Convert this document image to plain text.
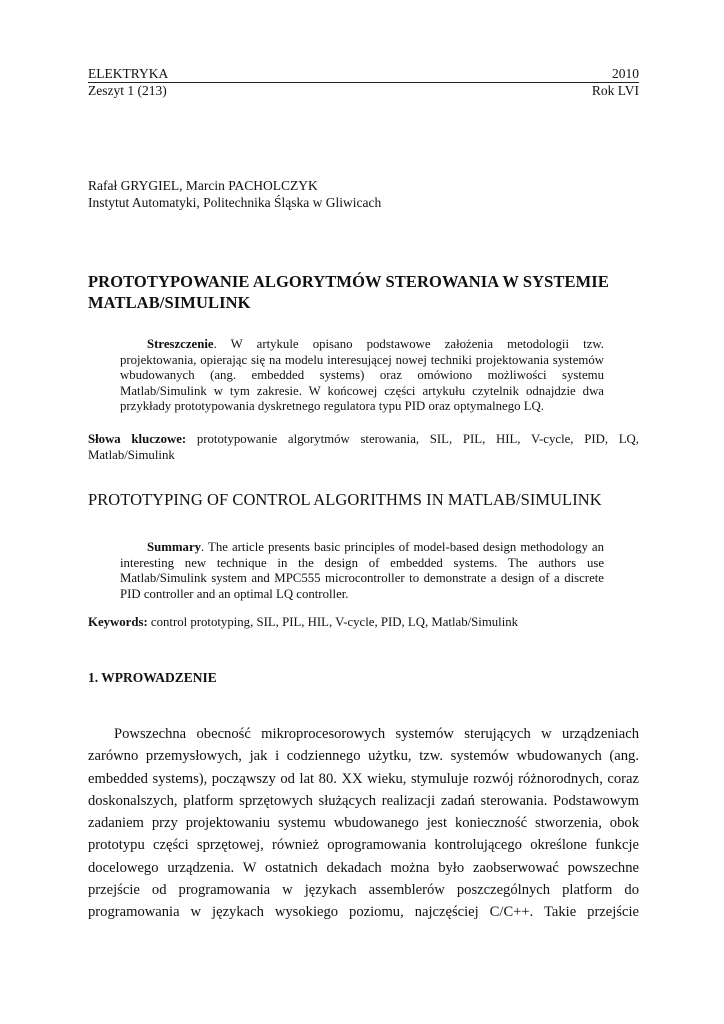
ELEKTRYKA	2010
Zeszyt 1 (213)	Rok LVI
Rafał GRYGIEL, Marcin PACHOLCZYK
Instytut Automatyki, Politechnika Śląska w Gliwicach
PROTOTYPOWANIE ALGORYTMÓW STEROWANIA W SYSTEMIE
MATLAB/SIMULINK
Streszczenie. W artykule opisano podstawowe założenia metodologii tzw. projektowania, opierając się na modelu interesującej nowej techniki projektowania systemów wbudowanych (ang. embedded systems) oraz omówiono możliwości systemu Matlab/Simulink w tym zakresie. W końcowej części artykułu czytelnik odnajdzie dwa przykłady prototypowania dyskretnego regulatora typu PID oraz optymalnego LQ.
Słowa kluczowe: prototypowanie algorytmów sterowania, SIL, PIL, HIL, V-cycle, PID, LQ, Matlab/Simulink
PROTOTYPING OF CONTROL ALGORITHMS IN MATLAB/SIMULINK
Summary. The article presents basic principles of model-based design methodology an interesting new technique in the design of embedded systems. The authors use Matlab/Simulink system and MPC555 microcontroller to demonstrate a design of a discrete PID controller and an optimal LQ controller.
Keywords: control prototyping, SIL, PIL, HIL, V-cycle, PID, LQ, Matlab/Simulink
1. WPROWADZENIE
Powszechna obecność mikroprocesorowych systemów sterujących w urządzeniach zarówno przemysłowych, jak i codziennego użytku, tzw. systemów wbudowanych (ang. embedded systems), począwszy od lat 80. XX wieku, stymuluje rozwój różnorodnych, coraz doskonalszych, platform sprzętowych służących realizacji zadań sterowania. Podstawowym zadaniem przy projektowaniu systemu wbudowanego jest konieczność stworzenia, obok prototypu części sprzętowej, również oprogramowania kontrolującego określone funkcje docelowego urządzenia. W ostatnich dekadach można było zaobserwować powszechne przejście od programowania w językach assemblerów poszczególnych platform do programowania w językach wysokiego poziomu, najczęściej C/C++. Takie przejście
